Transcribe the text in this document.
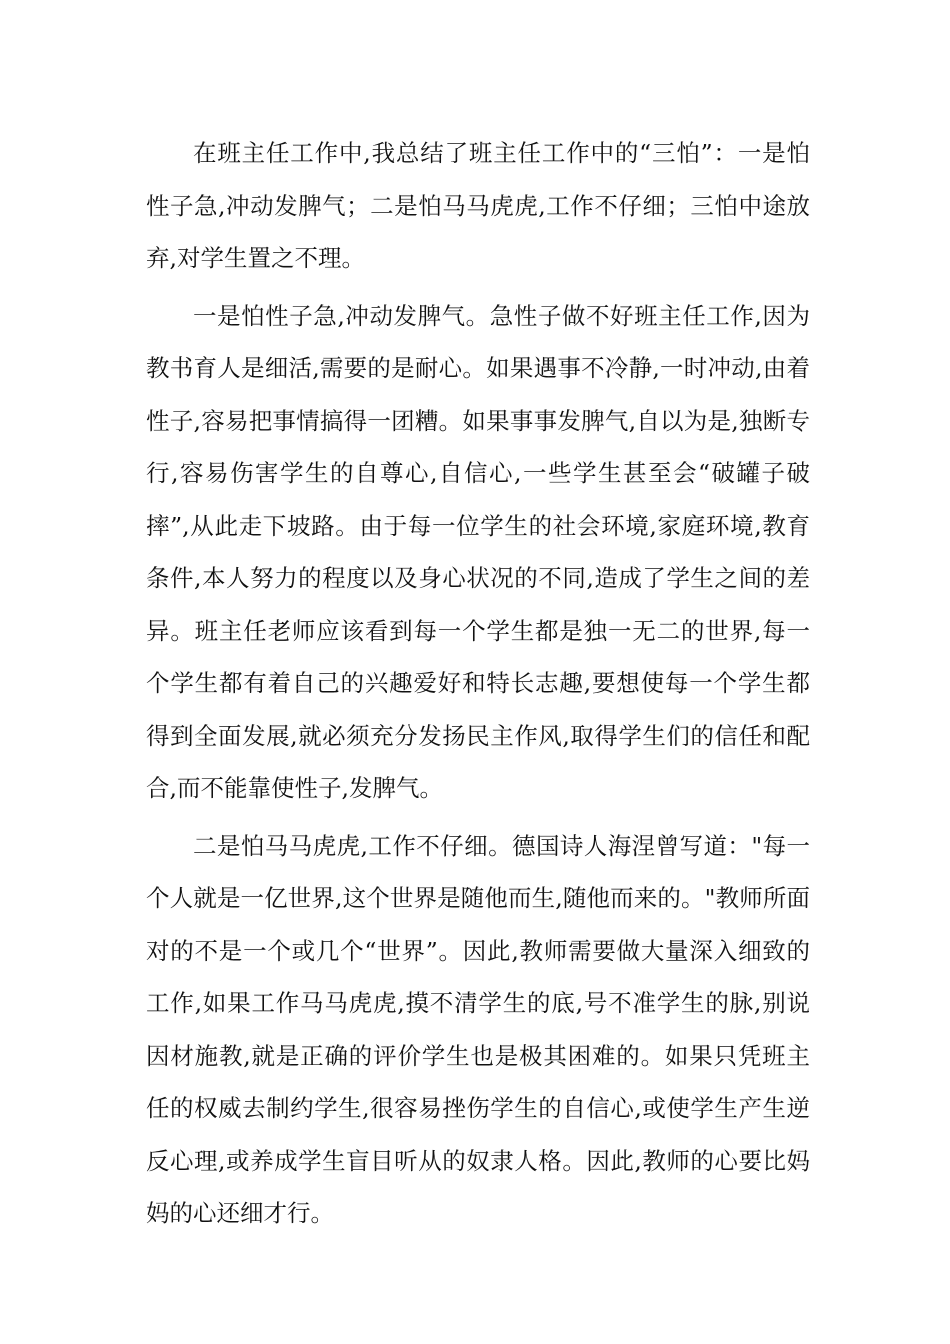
在班主任工作中,我总结了班主任工作中的“三怕”：一是怕性子急,冲动发脾气；二是怕马马虎虎,工作不仔细；三怕中途放弃,对学生置之不理。

一是怕性子急,冲动发脾气。急性子做不好班主任工作,因为教书育人是细活,需要的是耐心。如果遇事不冷静,一时冲动,由着性子,容易把事情搞得一团糟。如果事事发脾气,自以为是,独断专行,容易伤害学生的自尊心,自信心,一些学生甚至会“破罐子破摔”,从此走下坡路。由于每一位学生的社会环境,家庭环境,教育条件,本人努力的程度以及身心状况的不同,造成了学生之间的差异。班主任老师应该看到每一个学生都是独一无二的世界,每一个学生都有着自己的兴趣爱好和特长志趣,要想使每一个学生都得到全面发展,就必须充分发扬民主作风,取得学生们的信任和配合,而不能靠使性子,发脾气。

二是怕马马虎虎,工作不仔细。德国诗人海涅曾写道："每一个人就是一亿世界,这个世界是随他而生,随他而来的。"教师所面对的不是一个或几个“世界”。因此,教师需要做大量深入细致的工作,如果工作马马虎虎,摸不清学生的底,号不准学生的脉,别说因材施教,就是正确的评价学生也是极其困难的。如果只凭班主任的权威去制约学生,很容易挫伤学生的自信心,或使学生产生逆反心理,或养成学生盲目听从的奴隶人格。因此,教师的心要比妈妈的心还细才行。
